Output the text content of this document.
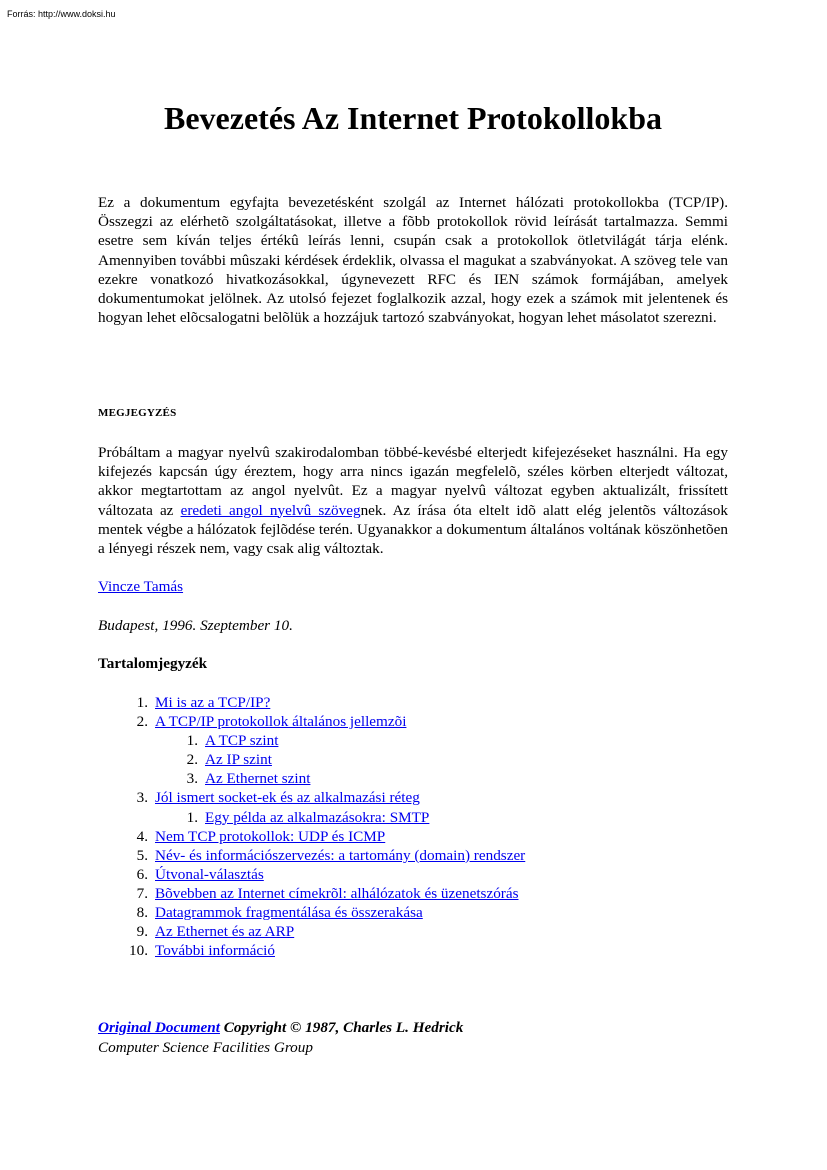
Forrás: http://www.doksi.hu
Bevezetés Az Internet Protokollokba

Ez a dokumentum egyfajta bevezetésként szolgál az Internet hálózati protokollokba (TCP/IP). Összegzi az elérhetõ szolgáltatásokat, illetve a fõbb protokollok rövid leírását tartalmazza. Semmi esetre sem kíván teljes értékû leírás lenni, csupán csak a protokollok ötletvilágát tárja elénk. Amennyiben további mûszaki kérdések érdeklik, olvassa el magukat a szabványokat. A szöveg tele van ezekre vonatkozó hivatkozásokkal, úgynevezett RFC és IEN számok formájában, amelyek dokumentumokat jelölnek. Az utolsó fejezet foglalkozik azzal, hogy ezek a számok mit jelentenek és hogyan lehet elõcsalogatni belõlük a hozzájuk tartozó szabványokat, hogyan lehet másolatot szerezni.

MEGJEGYZÉS

Próbáltam a magyar nyelvû szakirodalomban többé-kevésbé elterjedt kifejezéseket használni. Ha egy kifejezés kapcsán úgy éreztem, hogy arra nincs igazán megfelelõ, széles körben elterjedt változat, akkor megtartottam az angol nyelvût. Ez a magyar nyelvû változat egyben aktualizált, frissített változata az eredeti angol nyelvû szövegnek. Az írása óta eltelt idõ alatt elég jelentõs változások mentek végbe a hálózatok fejlõdése terén. Ugyanakkor a dokumentum általános voltának köszönhetõen a lényegi részek nem, vagy csak alig változtak.

Vincze Tamás
Budapest, 1996. Szeptember 10.
Tartalomjegyzék
1. Mi is az a TCP/IP?
2. A TCP/IP protokollok általános jellemzõi
1. A TCP szint
2. Az IP szint
3. Az Ethernet szint
3. Jól ismert socket-ek és az alkalmazási réteg
1. Egy példa az alkalmazásokra: SMTP
4. Nem TCP protokollok: UDP és ICMP
5. Név- és információszervezés: a tartomány (domain) rendszer
6. Útvonal-választás
7. Bõvebben az Internet címekrõl: alhálózatok és üzenetszórás
8. Datagrammok fragmentálása és összerakása
9. Az Ethernet és az ARP
10. További információ
Original Document Copyright © 1987, Charles L. Hedrick
Computer Science Facilities Group
